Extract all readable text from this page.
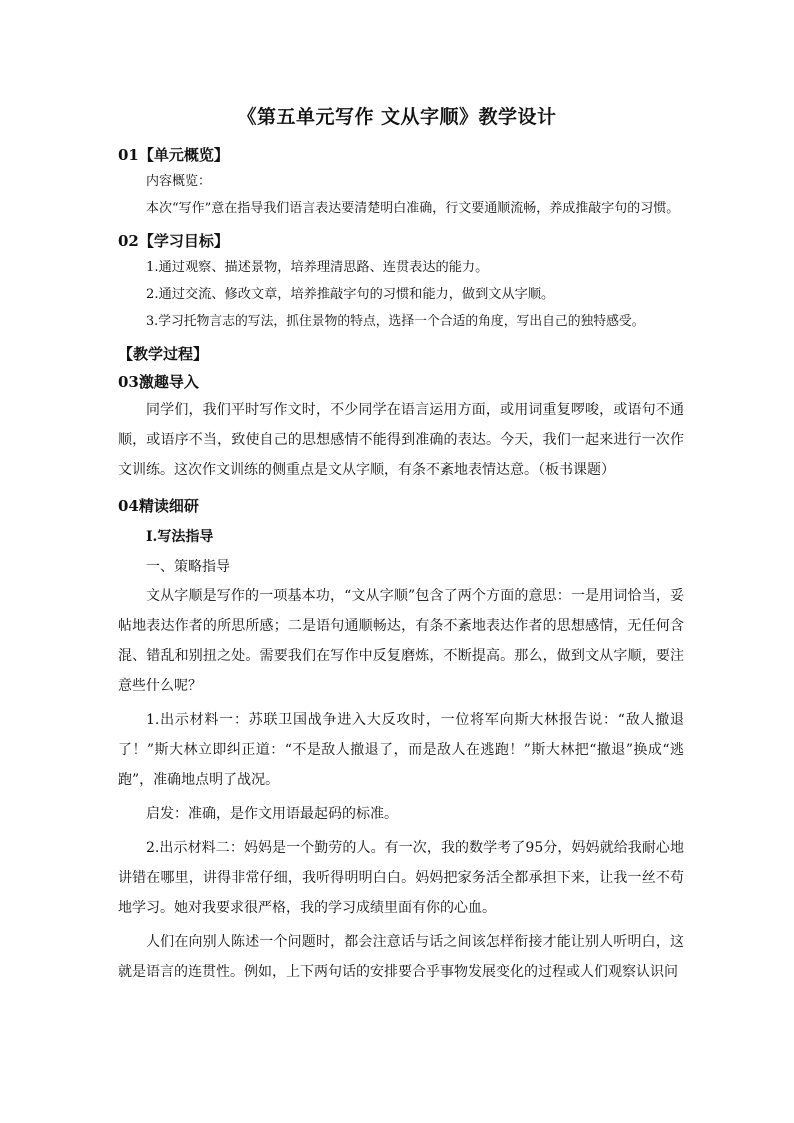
《第五单元写作 文从字顺》教学设计
01【单元概览】
内容概览：
本次“写作”意在指导我们语言表达要清楚明白准确，行文要通顺流畅，养成推敲字句的习惯。
02【学习目标】
1.通过观察、描述景物，培养理清思路、连贯表达的能力。
2.通过交流、修改文章，培养推敲字句的习惯和能力，做到文从字顺。
3.学习托物言志的写法，抓住景物的特点，选择一个合适的角度，写出自己的独特感受。
【教学过程】
03激趣导入
同学们，我们平时写作文时，不少同学在语言运用方面，或用词重复啰唆，或语句不通顺，或语序不当，致使自己的思想感情不能得到准确的表达。今天，我们一起来进行一次作文训练。这次作文训练的侧重点是文从字顺，有条不紊地表情达意。（板书课题）
04精读细研
Ⅰ.写法指导
一、策略指导
文从字顺是写作的一项基本功，“文从字顺”包含了两个方面的意思：一是用词恰当，妥帖地表达作者的所思所感；二是语句通顺畅达，有条不紊地表达作者的思想感情，无任何含混、错乱和别扭之处。需要我们在写作中反复磨炼，不断提高。那么，做到文从字顺，要注意些什么呢？
1.出示材料一：苏联卫国战争进入大反攻时，一位将军向斯大林报告说：“敌人撤退了！”斯大林立即纠正道：“不是敌人撤退了，而是敌人在逃跑！”斯大林把“撤退”换成“逃跑”，准确地点明了战况。
启发：准确，是作文用语最起码的标准。
2.出示材料二：妈妈是一个勤劳的人。有一次，我的数学考了95分，妈妈就给我耐心地讲错在哪里，讲得非常仔细，我听得明明白白。妈妈把家务活全都承担下来，让我一丝不苟地学习。她对我要求很严格，我的学习成绩里面有你的心血。
人们在向别人陈述一个问题时，都会注意话与话之间该怎样衔接才能让别人听明白，这就是语言的连贯性。例如，上下两句话的安排要合乎事物发展变化的过程或人们观察认识问
